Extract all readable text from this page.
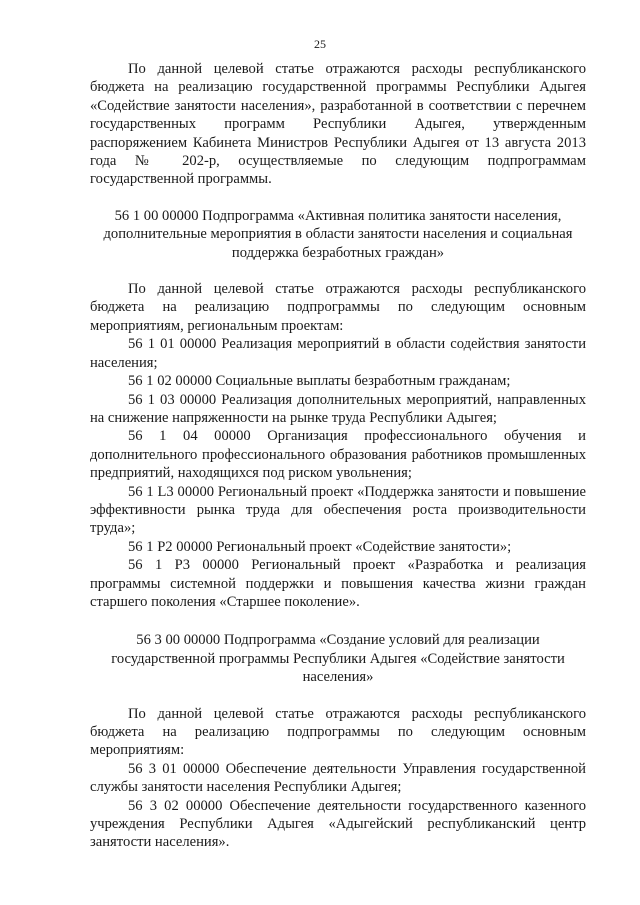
25

По данной целевой статье отражаются расходы республиканского бюджета на реализацию государственной программы Республики Адыгея «Содействие занятости населения», разработанной в соответствии с перечнем государственных программ Республики Адыгея, утвержденным распоряжением Кабинета Министров Республики Адыгея от 13 августа 2013 года № 202-р, осуществляемые по следующим подпрограммам государственной программы.

56 1 00 00000 Подпрограмма «Активная политика занятости населения, дополнительные мероприятия в области занятости населения и социальная поддержка безработных граждан»

По данной целевой статье отражаются расходы республиканского бюджета на реализацию подпрограммы по следующим основным мероприятиям, региональным проектам:

56 1 01 00000 Реализация мероприятий в области содействия занятости населения;

56 1 02 00000 Социальные выплаты безработным гражданам;

56 1 03 00000 Реализация дополнительных мероприятий, направленных на снижение напряженности на рынке труда Республики Адыгея;

56 1 04 00000 Организация профессионального обучения и дополнительного профессионального образования работников промышленных предприятий, находящихся под риском увольнения;

56 1 L3 00000 Региональный проект «Поддержка занятости и повышение эффективности рынка труда для обеспечения роста производительности труда»;

56 1 P2 00000 Региональный проект «Содействие занятости»;

56 1 P3 00000 Региональный проект «Разработка и реализация программы системной поддержки и повышения качества жизни граждан старшего поколения «Старшее поколение».

56 3 00 00000 Подпрограмма «Создание условий для реализации государственной программы Республики Адыгея «Содействие занятости населения»

По данной целевой статье отражаются расходы республиканского бюджета на реализацию подпрограммы по следующим основным мероприятиям:

56 3 01 00000 Обеспечение деятельности Управления государственной службы занятости населения Республики Адыгея;

56 3 02 00000 Обеспечение деятельности государственного казенного учреждения Республики Адыгея «Адыгейский республиканский центр занятости населения».
